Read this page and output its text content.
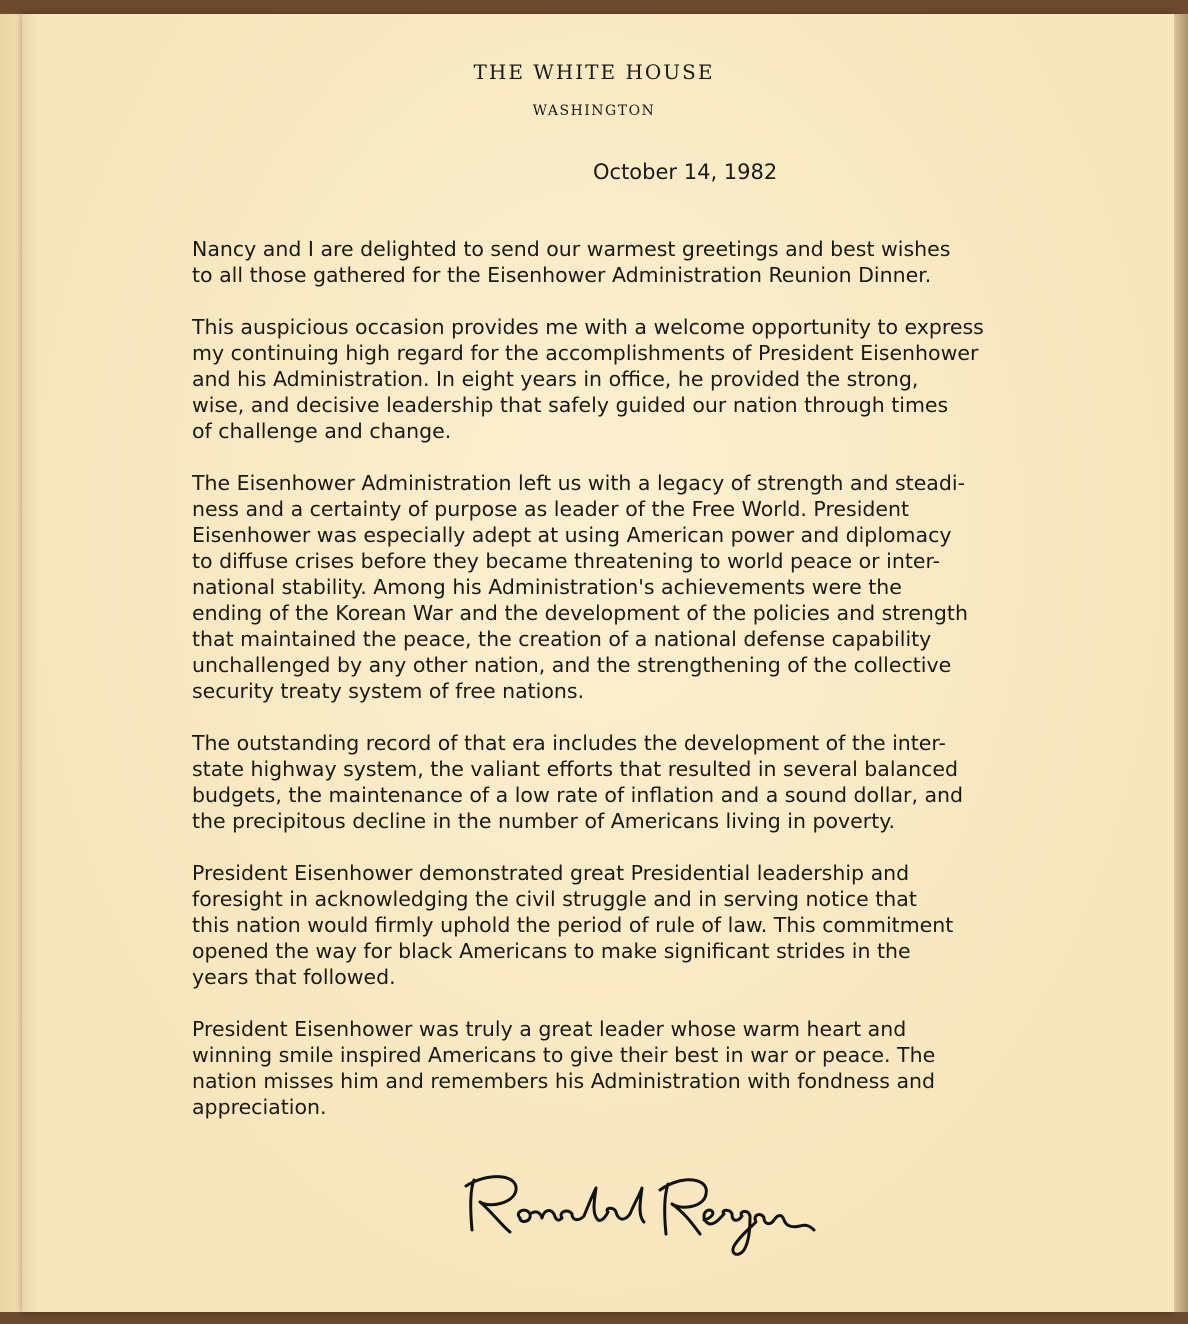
THE WHITE HOUSE
WASHINGTON
October 14, 1982
Nancy and I are delighted to send our warmest greetings and best wishes
to all those gathered for the Eisenhower Administration Reunion Dinner.
This auspicious occasion provides me with a welcome opportunity to express
my continuing high regard for the accomplishments of President Eisenhower
and his Administration. In eight years in office, he provided the strong,
wise, and decisive leadership that safely guided our nation through times
of challenge and change.
The Eisenhower Administration left us with a legacy of strength and steadi-
ness and a certainty of purpose as leader of the Free World. President
Eisenhower was especially adept at using American power and diplomacy
to diffuse crises before they became threatening to world peace or inter-
national stability. Among his Administration's achievements were the
ending of the Korean War and the development of the policies and strength
that maintained the peace, the creation of a national defense capability
unchallenged by any other nation, and the strengthening of the collective
security treaty system of free nations.
The outstanding record of that era includes the development of the inter-
state highway system, the valiant efforts that resulted in several balanced
budgets, the maintenance of a low rate of inflation and a sound dollar, and
the precipitous decline in the number of Americans living in poverty.
President Eisenhower demonstrated great Presidential leadership and
foresight in acknowledging the civil struggle and in serving notice that
this nation would firmly uphold the period of rule of law. This commitment
opened the way for black Americans to make significant strides in the
years that followed.
President Eisenhower was truly a great leader whose warm heart and
winning smile inspired Americans to give their best in war or peace. The
nation misses him and remembers his Administration with fondness and
appreciation.
